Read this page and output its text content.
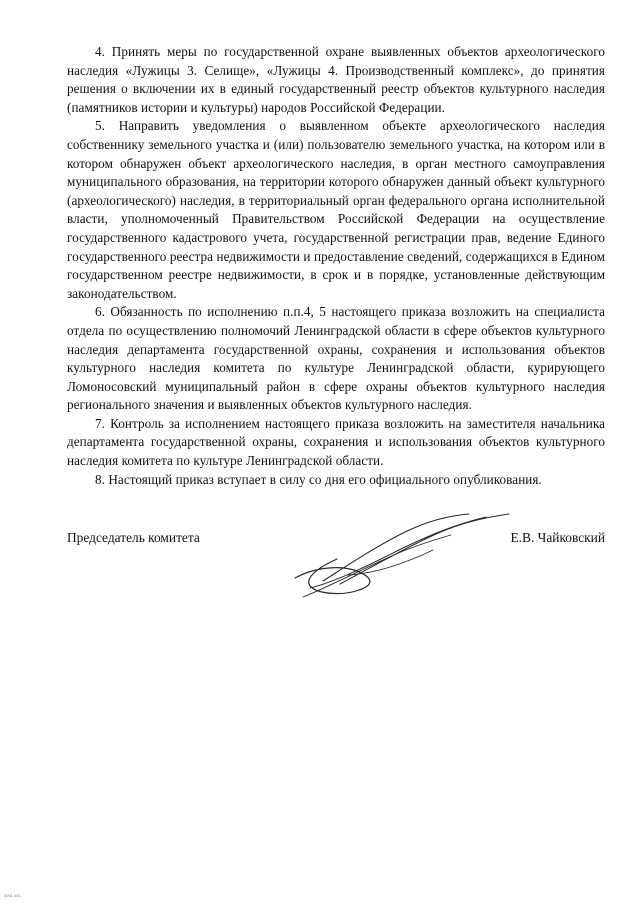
4. Принять меры по государственной охране выявленных объектов археологического наследия «Лужицы 3. Селище», «Лужицы 4. Производственный комплекс», до принятия решения о включении их в единый государственный реестр объектов культурного наследия (памятников истории и культуры) народов Российской Федерации.

5. Направить уведомления о выявленном объекте археологического наследия собственнику земельного участка и (или) пользователю земельного участка, на котором или в котором обнаружен объект археологического наследия, в орган местного самоуправления муниципального образования, на территории которого обнаружен данный объект культурного (археологического) наследия, в территориальный орган федерального органа исполнительной власти, уполномоченный Правительством Российской Федерации на осуществление государственного кадастрового учета, государственной регистрации прав, ведение Единого государственного реестра недвижимости и предоставление сведений, содержащихся в Едином государственном реестре недвижимости, в срок и в порядке, установленные действующим законодательством.

6. Обязанность по исполнению п.п.4, 5 настоящего приказа возложить на специалиста отдела по осуществлению полномочий Ленинградской области в сфере объектов культурного наследия департамента государственной охраны, сохранения и использования объектов культурного наследия комитета по культуре Ленинградской области, курирующего Ломоносовский муниципальный район в сфере охраны объектов культурного наследия регионального значения и выявленных объектов культурного наследия.

7. Контроль за исполнением настоящего приказа возложить на заместителя начальника департамента государственной охраны, сохранения и использования объектов культурного наследия комитета по культуре Ленинградской области.

8. Настоящий приказ вступает в силу со дня его официального опубликования.

Председатель комитета	Е.В. Чайковский
0001 001
